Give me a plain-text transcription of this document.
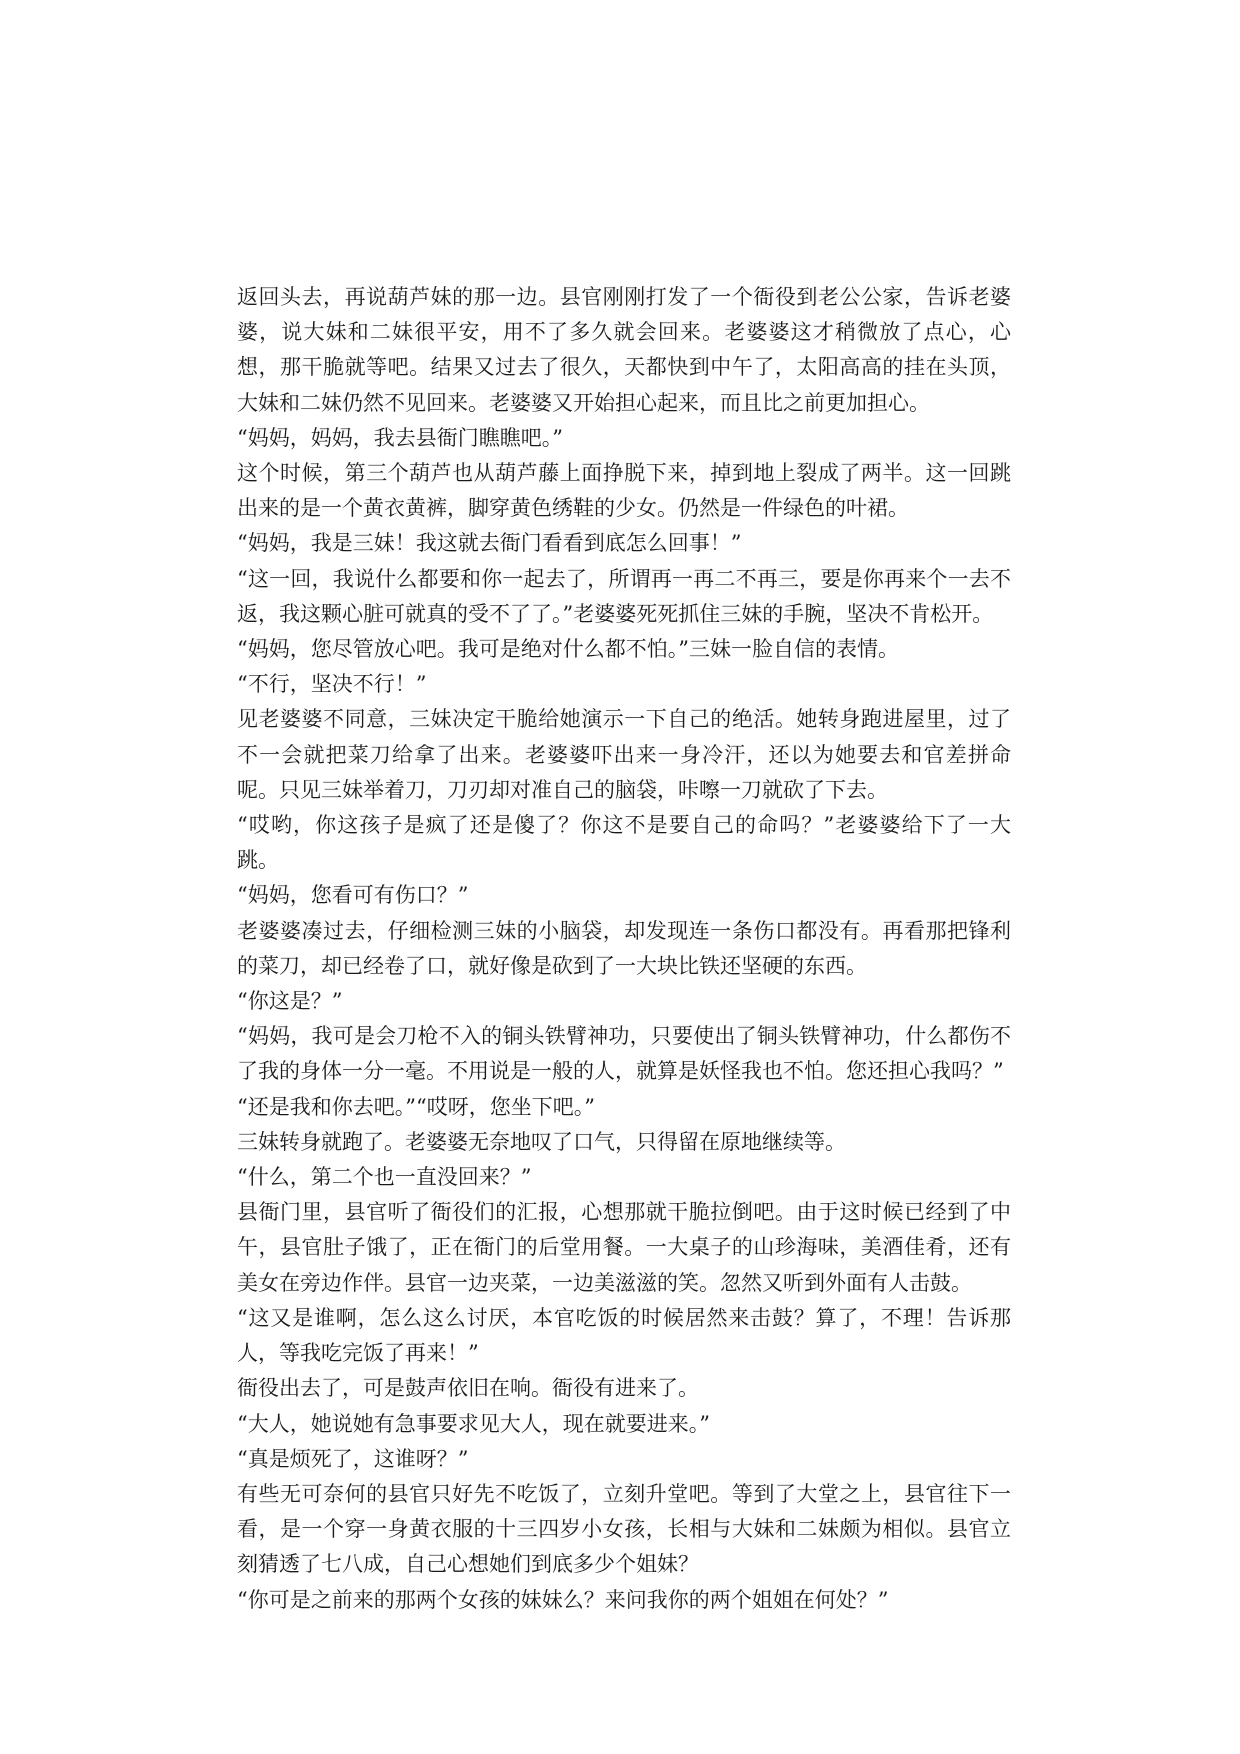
返回头去，再说葫芦妹的那一边。县官刚刚打发了一个衙役到老公公家，告诉老婆婆，说大妹和二妹很平安，用不了多久就会回来。老婆婆这才稍微放了点心，心想，那干脆就等吧。结果又过去了很久，天都快到中午了，太阳高高的挂在头顶，大妹和二妹仍然不见回来。老婆婆又开始担心起来，而且比之前更加担心。

“妈妈，妈妈，我去县衙门瞧瞧吧。”

这个时候，第三个葫芦也从葫芦藤上面挣脱下来，掉到地上裂成了两半。这一回跳出来的是一个黄衣黄裤，脚穿黄色绣鞋的少女。仍然是一件绿色的叶裙。

“妈妈，我是三妹！我这就去衙门看看到底怎么回事！”

“这一回，我说什么都要和你一起去了，所谓再一再二不再三，要是你再来个一去不返，我这颗心脏可就真的受不了了。”老婆婆死死抓住三妹的手腕，坚决不肯松开。

“妈妈，您尽管放心吧。我可是绝对什么都不怕。”三妹一脸自信的表情。

“不行，坚决不行！”

见老婆婆不同意，三妹决定干脆给她演示一下自己的绝活。她转身跑进屋里，过了不一会就把菜刀给拿了出来。老婆婆吓出来一身冷汗，还以为她要去和官差拼命呢。只见三妹举着刀，刀刃却对准自己的脑袋，咔嚓一刀就砍了下去。

“哎哟，你这孩子是疯了还是傻了？你这不是要自己的命吗？”老婆婆给下了一大跳。

“妈妈，您看可有伤口？”

老婆婆凑过去，仔细检测三妹的小脑袋，却发现连一条伤口都没有。再看那把锋利的菜刀，却已经卷了口，就好像是砍到了一大块比铁还坚硬的东西。

“你这是？”

“妈妈，我可是会刀枪不入的铜头铁臂神功，只要使出了铜头铁臂神功，什么都伤不了我的身体一分一毫。不用说是一般的人，就算是妖怪我也不怕。您还担心我吗？”

“还是我和你去吧。”“哎呀，您坐下吧。”

三妹转身就跑了。老婆婆无奈地叹了口气，只得留在原地继续等。

“什么，第二个也一直没回来？”

县衙门里，县官听了衙役们的汇报，心想那就干脆拉倒吧。由于这时候已经到了中午，县官肚子饿了，正在衙门的后堂用餐。一大桌子的山珍海味，美酒佳肴，还有美女在旁边作伴。县官一边夹菜，一边美滋滋的笑。忽然又听到外面有人击鼓。

“这又是谁啊，怎么这么讨厌，本官吃饭的时候居然来击鼓？算了，不理！告诉那人，等我吃完饭了再来！”

衙役出去了，可是鼓声依旧在响。衙役有进来了。

“大人，她说她有急事要求见大人，现在就要进来。”

“真是烦死了，这谁呀？”

有些无可奈何的县官只好先不吃饭了，立刻升堂吧。等到了大堂之上，县官往下一看，是一个穿一身黄衣服的十三四岁小女孩，长相与大妹和二妹颇为相似。县官立刻猜透了七八成，自己心想她们到底多少个姐妹？

“你可是之前来的那两个女孩的妹妹么？来问我你的两个姐姐在何处？”
